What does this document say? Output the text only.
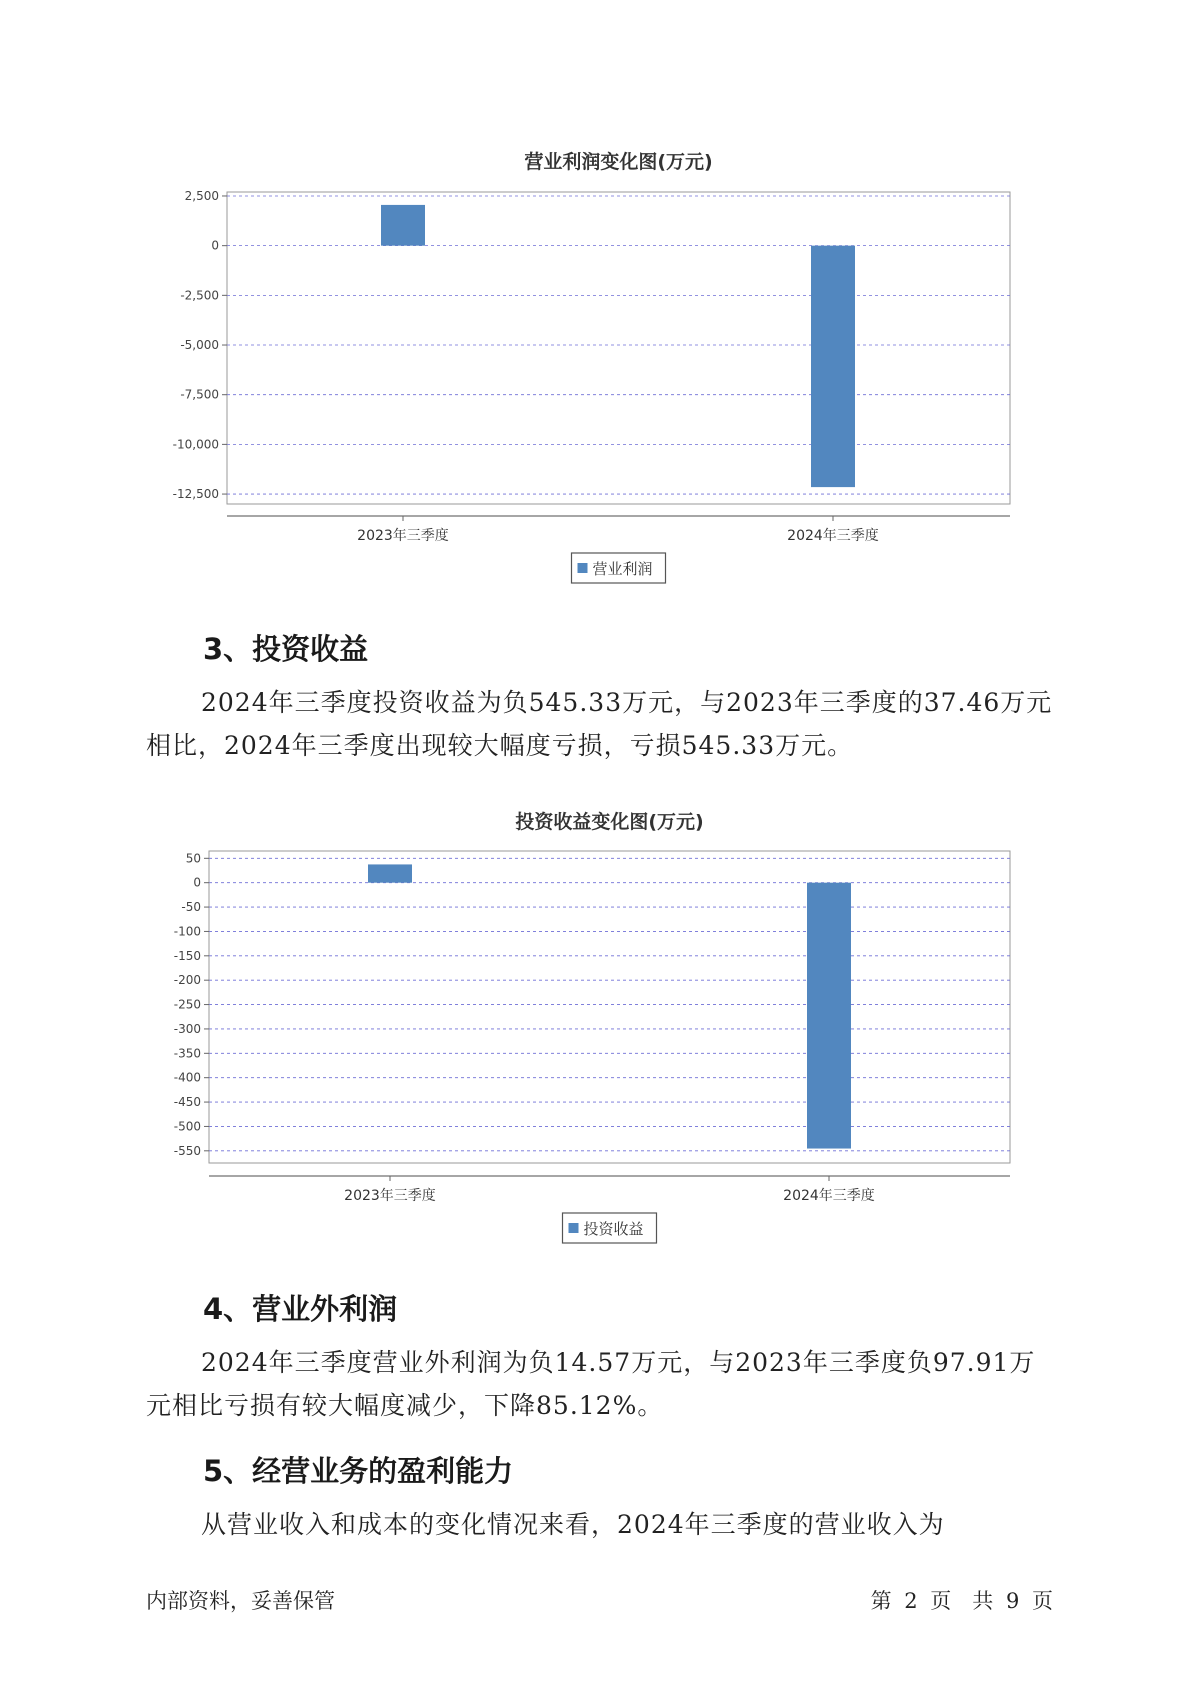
营业利润变化图(万元)
2,500
0
-2,500
-5,000
-7,500
-10,000
-12,500
2023年三季度	2024年三季度
营业利润
3、投资收益

2024年三季度投资收益为负545.33万元，与2023年三季度的37.46万元相比，2024年三季度出现较大幅度亏损，亏损545.33万元。

投资收益变化图(万元)
50
0
-50
-100
-150
-200
-250
-300
-350
-400
-450
-500
-550
2023年三季度	2024年三季度
投资收益
4、营业外利润

2024年三季度营业外利润为负14.57万元，与2023年三季度负97.91万元相比亏损有较大幅度减少，下降85.12%。

5、经营业务的盈利能力

从营业收入和成本的变化情况来看，2024年三季度的营业收入为

内部资料，妥善保管	第 2 页　共 9 页
